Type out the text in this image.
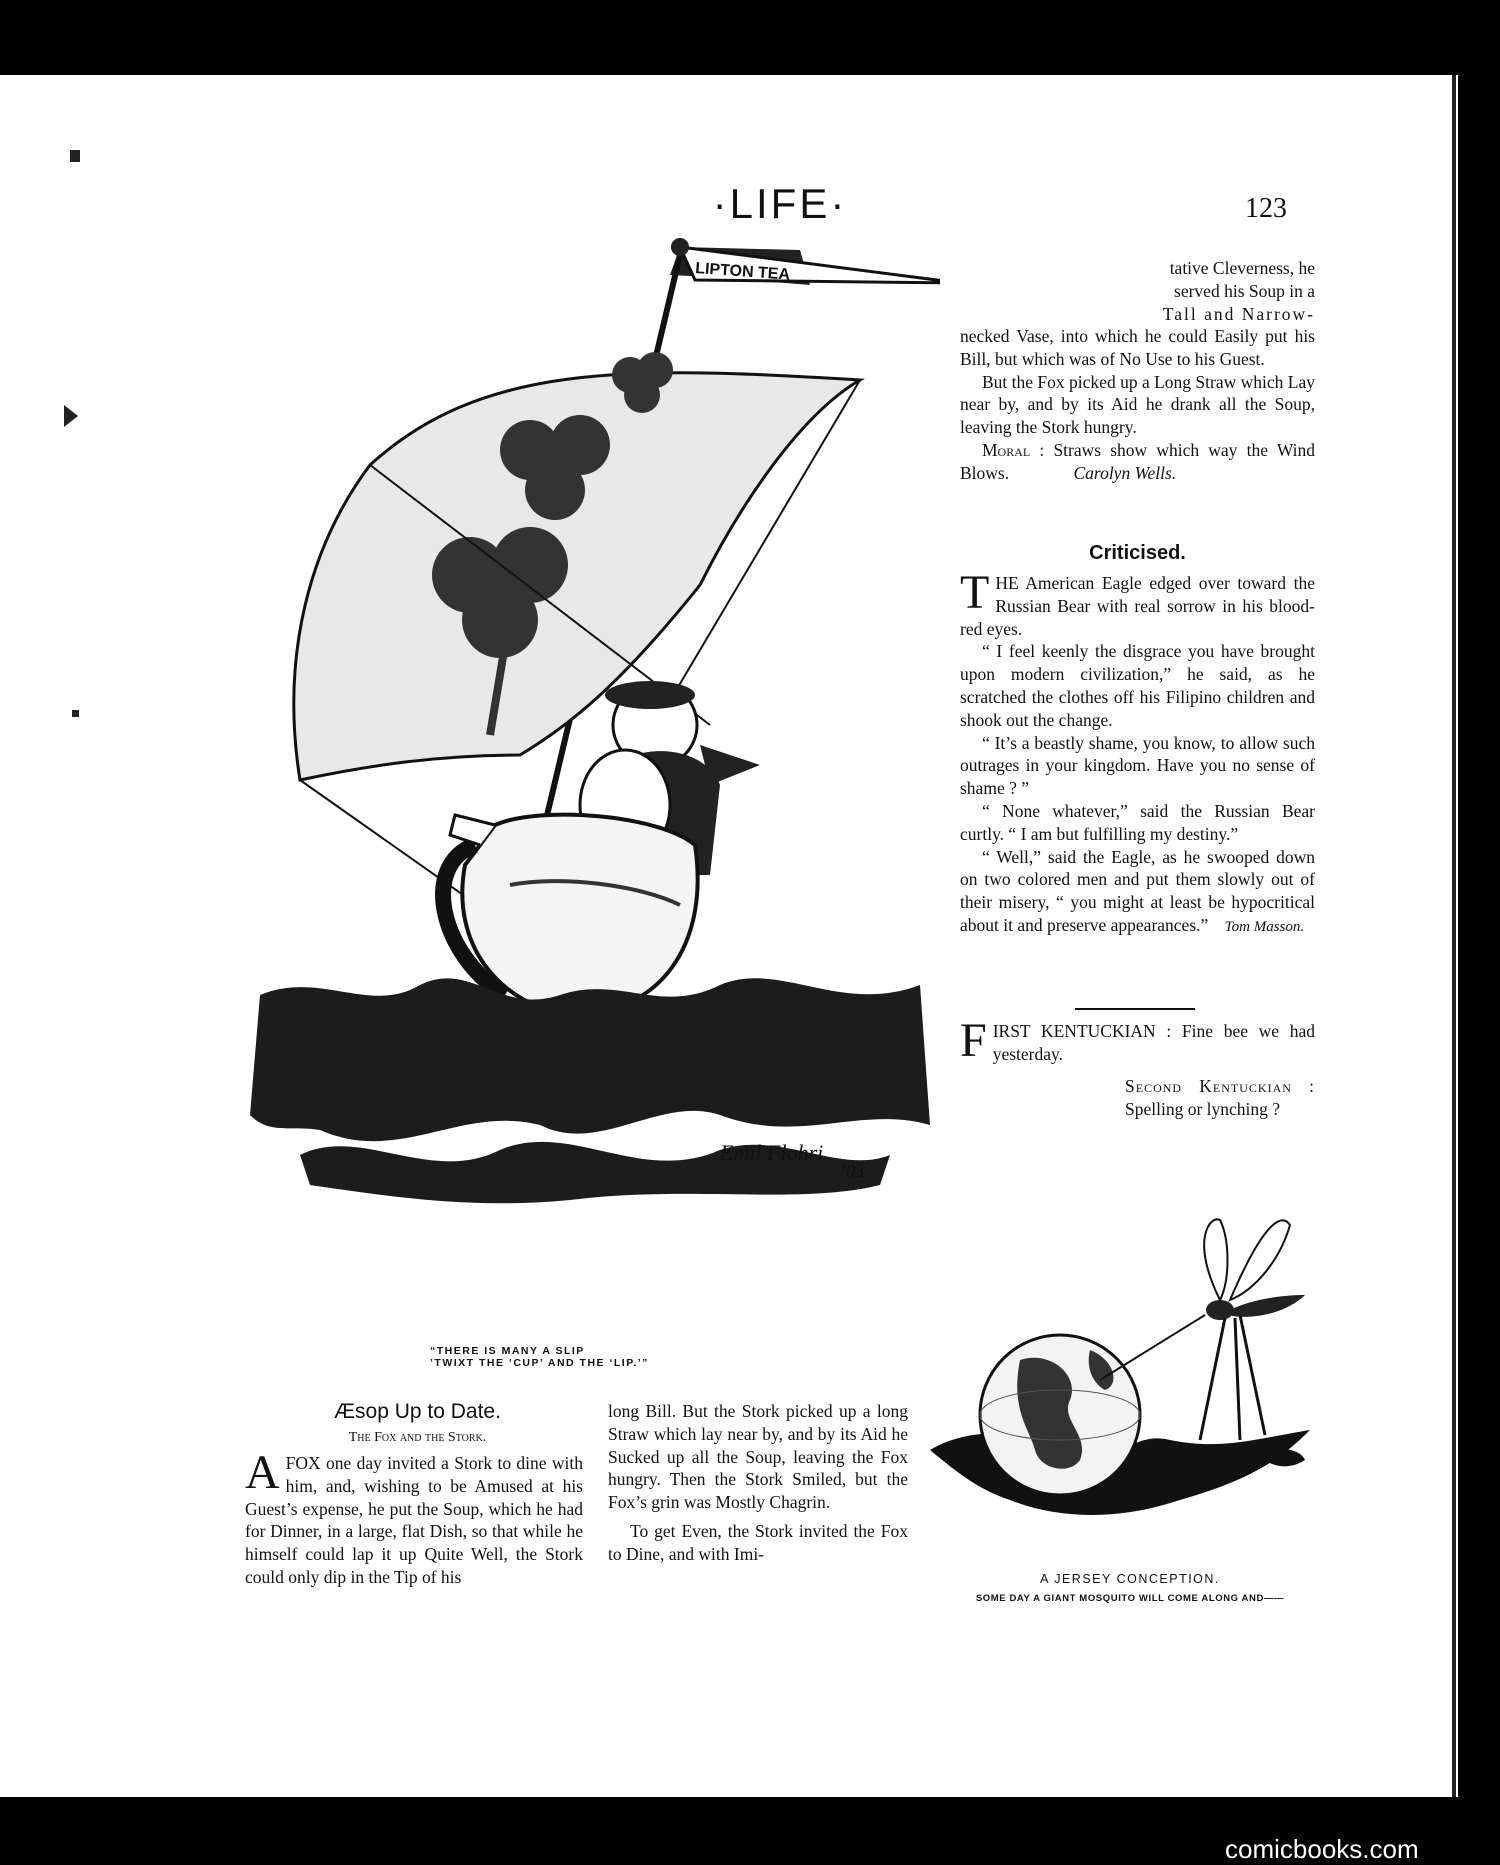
·LIFE·	123
LIPTON TEA
Emil Flohri
’03
“THERE IS MANY A SLIP
’TWIXT THE ‘CUP’ AND THE ‘LIP.’”
tative Cleverness, he
served his Soup in a
Tall and Narrow-

necked Vase, into which he could Easily put his Bill, but which was of No Use to his Guest.

But the Fox picked up a Long Straw which Lay near by, and by its Aid he drank all the Soup, leaving the Stork hungry.

Moral : Straws show which way the Wind Blows.	Carolyn Wells.

Criticised.

THE American Eagle edged over toward the Russian Bear with real sorrow in his blood-red eyes.

“ I feel keenly the disgrace you have brought upon modern civilization,” he said, as he scratched the clothes off his Filipino children and shook out the change.

“ It’s a beastly shame, you know, to allow such outrages in your kingdom. Have you no sense of shame ? ”

“ None whatever,” said the Russian Bear curtly. “ I am but fulfilling my destiny.”

“ Well,” said the Eagle, as he swooped down on two colored men and put them slowly out of their misery, “ you might at least be hypocritical about it and preserve appearances.” Tom Masson.

FIRST KENTUCKIAN : Fine bee we had yesterday.

Second Kentuckian : Spelling or lynching ?

Æsop Up to Date.
The Fox and the Stork.

AFOX one day invited a Stork to dine with him, and, wishing to be Amused at his Guest’s expense, he put the Soup, which he had for Dinner, in a large, flat Dish, so that while he himself could lap it up Quite Well, the Stork could only dip in the Tip of his

long Bill. But the Stork picked up a long Straw which lay near by, and by its Aid he Sucked up all the Soup, leaving the Fox hungry. Then the Stork Smiled, but the Fox’s grin was Mostly Chagrin.

To get Even, the Stork invited the Fox to Dine, and with Imi-

A JERSEY CONCEPTION.
SOME DAY A GIANT MOSQUITO WILL COME ALONG AND——
comicbooks.com
